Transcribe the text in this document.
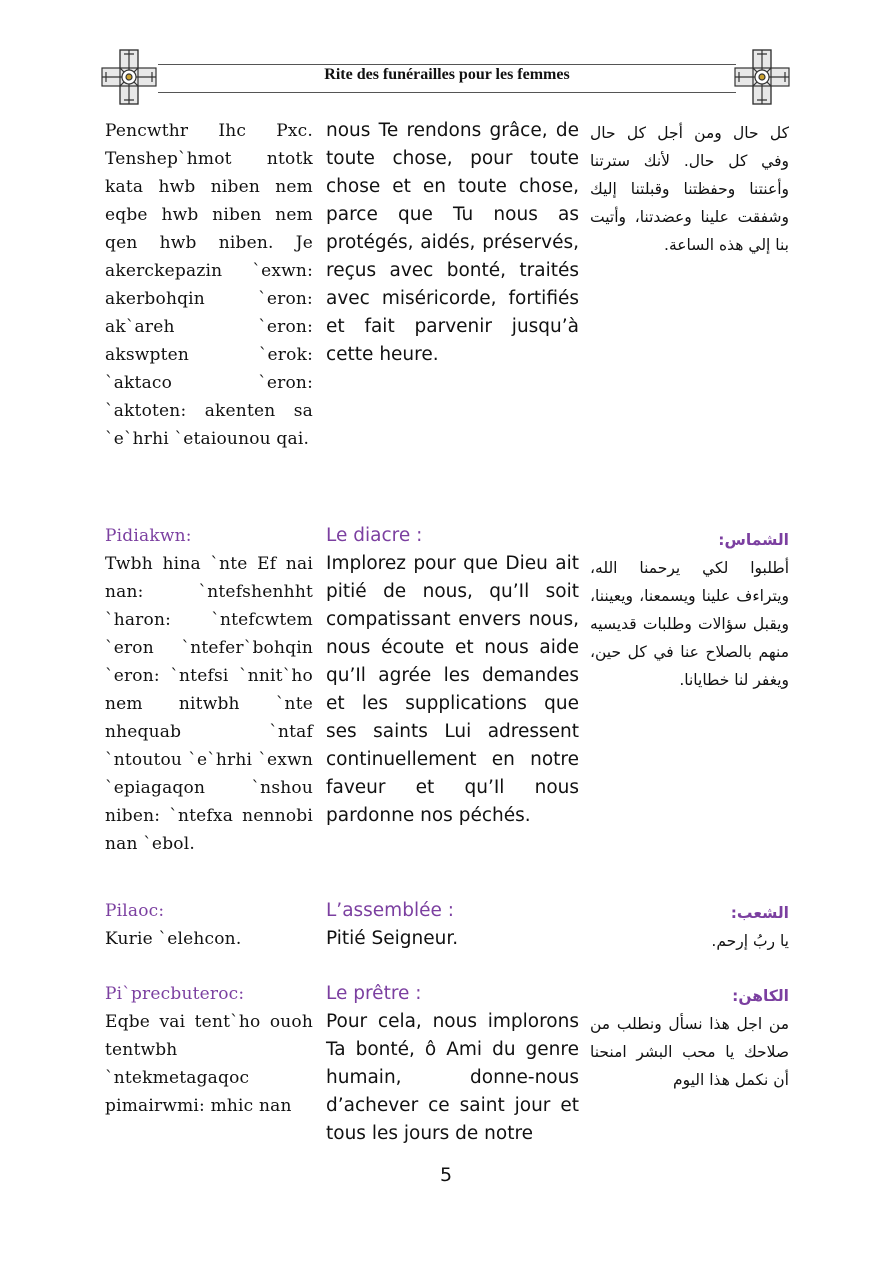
Rite des funérailles pour les femmes
Pencwthr Ihc Pxc. Tenshep`hmot ntotk kata hwb niben nem eqbe hwb niben nem qen hwb niben. Je akerckepazin `exwn: akerbohqin `eron: ak`areh `eron: akswpten `erok: `aktaco `eron: `aktoten: akenten sa `e`hrhi `etaiounou qai.
nous Te rendons grâce, de toute chose, pour toute chose et en toute chose, parce que Tu nous as protégés, aidés, préservés, reçus avec bonté, traités avec miséricorde, fortifiés et fait parvenir jusqu’à cette heure.
كل حال ومن أجل كل حال وفي كل حال. لأنك سترتنا وأعنتنا وحفظتنا وقبلتنا إليك وشفقت علينا وعضدتنا، وأتيت بنا إلي هذه الساعة.
Pidiakwn:
Twbh hina `nte Ef nai nan: `ntefshenhht `haron: `ntefcwtem `eron `ntefer`bohqin `eron: `ntefsi `nnit`ho nem nitwbh `nte nhequab `ntaf `ntoutou `e`hrhi `exwn `epiagaqon `nshou niben: `ntefxa nennobi nan `ebol.
Le diacre :
Implorez pour que Dieu ait pitié de nous, qu’Il soit compatissant envers nous, nous écoute et nous aide qu’Il agrée les demandes et les supplications que ses saints Lui adressent continuellement en notre faveur et qu’Il nous pardonne nos péchés.
الشماس:
أطلبوا لكي يرحمنا الله، ويتراءف علينا ويسمعنا، ويعيننا، ويقبل سؤالات وطلبات قديسيه منهم بالصلاح عنا في كل حين، ويغفر لنا خطايانا.
Pilaoc:
Kurie `elehcon.
L’assemblée :
Pitié Seigneur.
الشعب:
يا ربُ إرحم.
Pi`precbuteroc:
Eqbe vai tent`ho ouoh tentwbh `ntekmetagaqoc pimairwmi: mhic nan
Le prêtre :
Pour cela, nous implorons Ta bonté, ô Ami du genre humain, donne-nous d’achever ce saint jour et tous les jours de notre
الكاهن:
من اجل هذا نسأل ونطلب من صلاحك يا محب البشر امنحنا أن نكمل هذا اليوم
5
